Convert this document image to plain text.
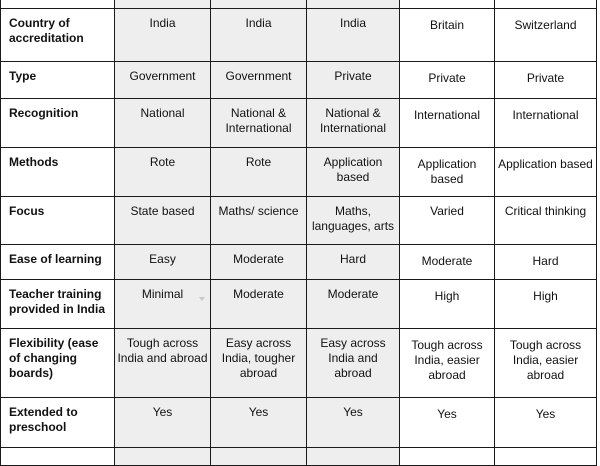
Country of accreditation	India	India	India	Britain	Switzerland
Type	Government	Government	Private	Private	Private
Recognition	National	National & International	National & International	International	International
Methods	Rote	Rote	Application based	Application based	Application based
Focus	State based	Maths/ science	Maths, languages, arts	Varied	Critical thinking
Ease of learning	Easy	Moderate	Hard	Moderate	Hard
Teacher training provided in India	Minimal	Moderate	Moderate	High	High
Flexibility (ease of changing boards)	Tough across India and abroad	Easy across India, tougher abroad	Easy across India and abroad	Tough across India, easier abroad	Tough across India, easier abroad
Extended to preschool	Yes	Yes	Yes	Yes	Yes
